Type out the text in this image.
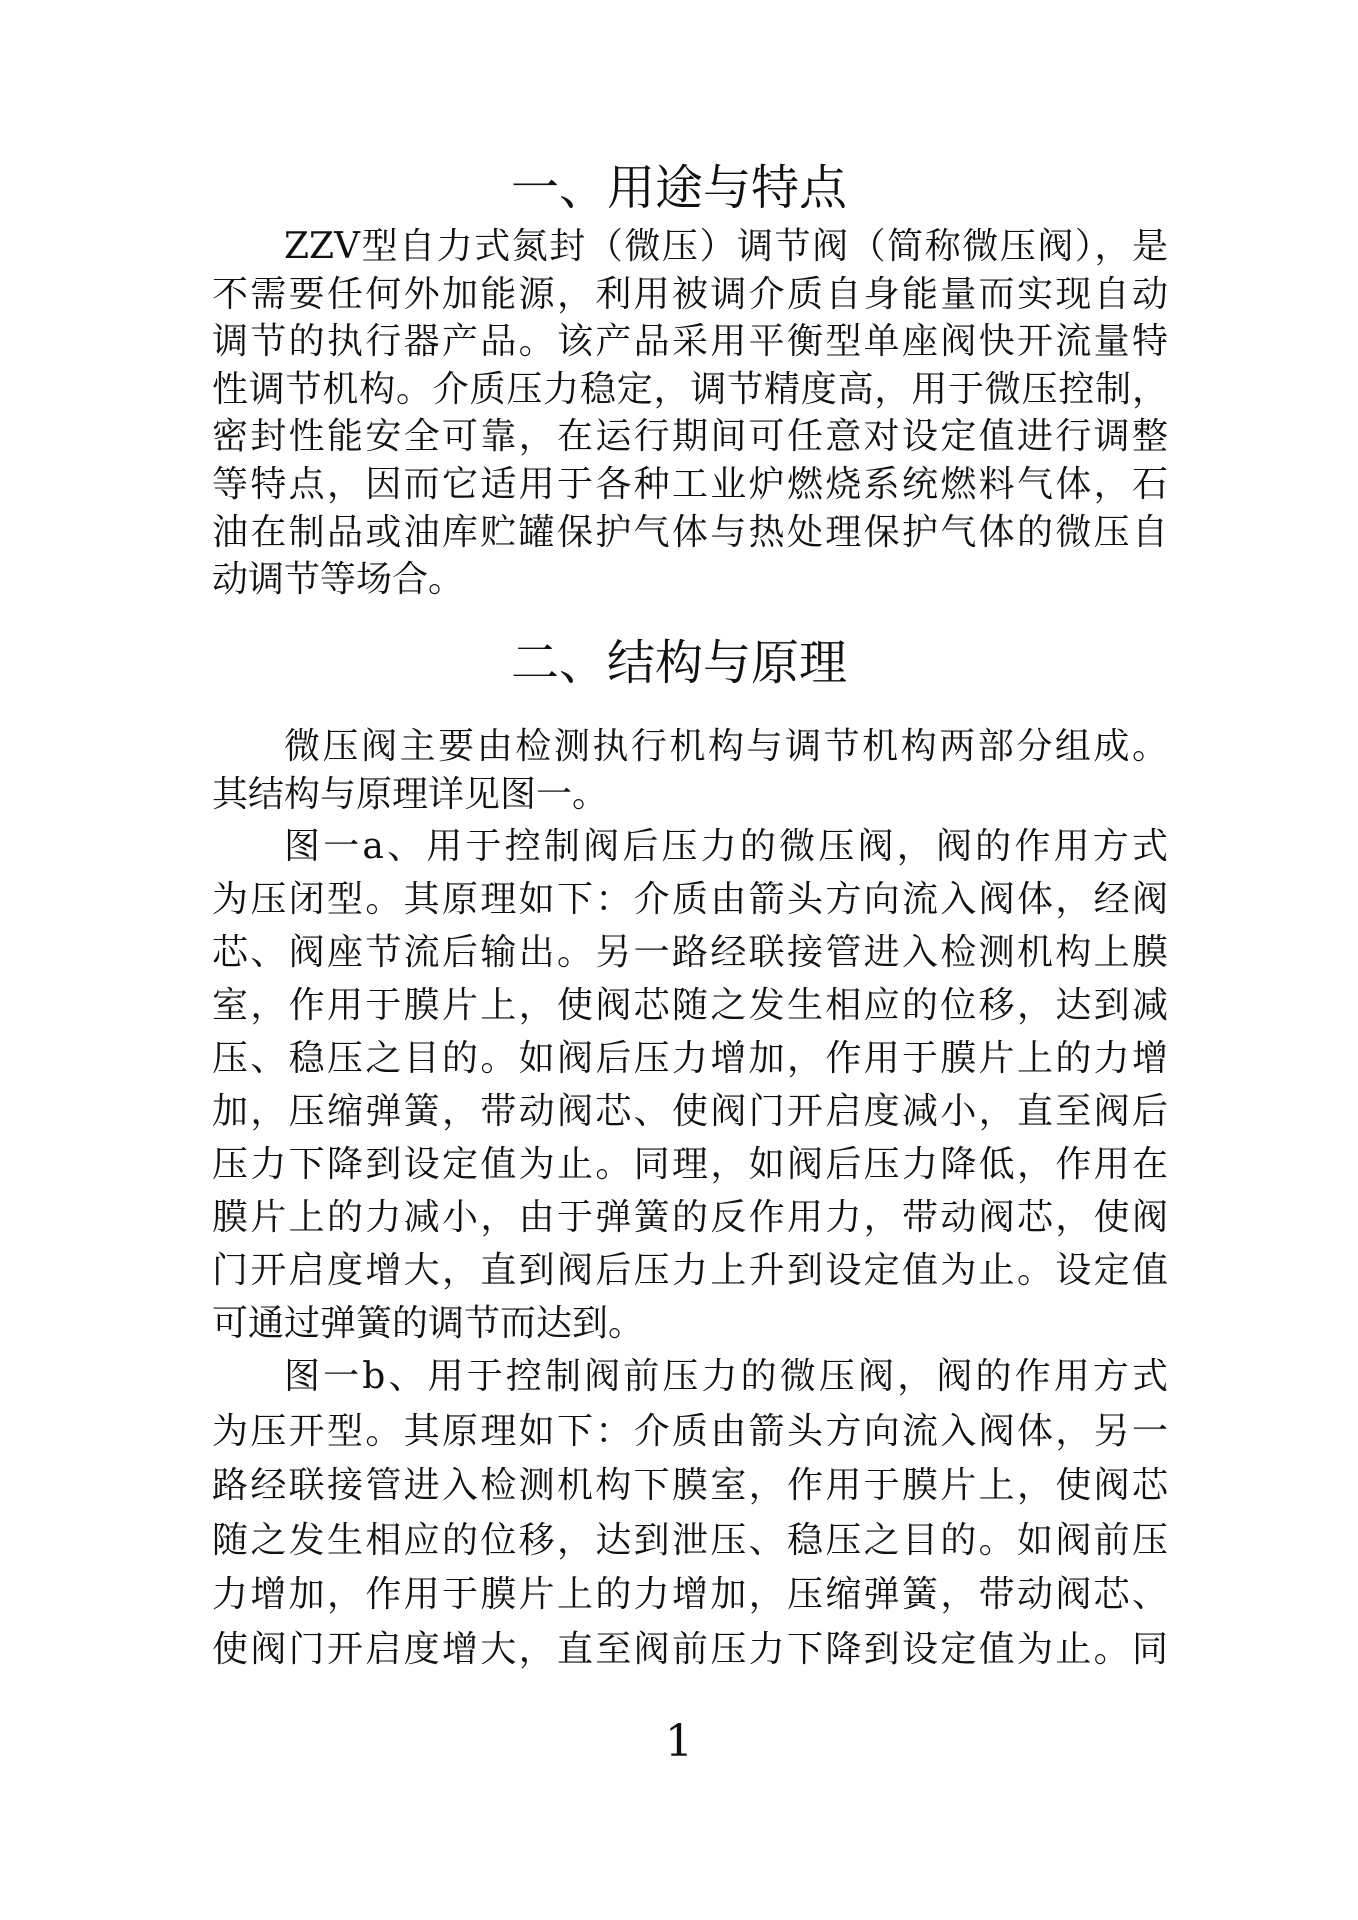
一、用途与特点
ZZV型自力式氮封（微压）调节阀（简称微压阀），是
不需要任何外加能源，利用被调介质自身能量而实现自动
调节的执行器产品。该产品采用平衡型单座阀快开流量特
性调节机构。介质压力稳定，调节精度高，用于微压控制，
密封性能安全可靠，在运行期间可任意对设定值进行调整
等特点，因而它适用于各种工业炉燃烧系统燃料气体，石
油在制品或油库贮罐保护气体与热处理保护气体的微压自
动调节等场合。
二、结构与原理
微压阀主要由检测执行机构与调节机构两部分组成。
其结构与原理详见图一。
图一a、用于控制阀后压力的微压阀，阀的作用方式
为压闭型。其原理如下：介质由箭头方向流入阀体，经阀
芯、阀座节流后输出。另一路经联接管进入检测机构上膜
室，作用于膜片上，使阀芯随之发生相应的位移，达到减
压、稳压之目的。如阀后压力增加，作用于膜片上的力增
加，压缩弹簧，带动阀芯、使阀门开启度减小，直至阀后
压力下降到设定值为止。同理，如阀后压力降低，作用在
膜片上的力减小，由于弹簧的反作用力，带动阀芯，使阀
门开启度增大，直到阀后压力上升到设定值为止。设定值
可通过弹簧的调节而达到。
图一b、用于控制阀前压力的微压阀，阀的作用方式
为压开型。其原理如下：介质由箭头方向流入阀体，另一
路经联接管进入检测机构下膜室，作用于膜片上，使阀芯
随之发生相应的位移，达到泄压、稳压之目的。如阀前压
力增加，作用于膜片上的力增加，压缩弹簧，带动阀芯、
使阀门开启度增大，直至阀前压力下降到设定值为止。同
1
